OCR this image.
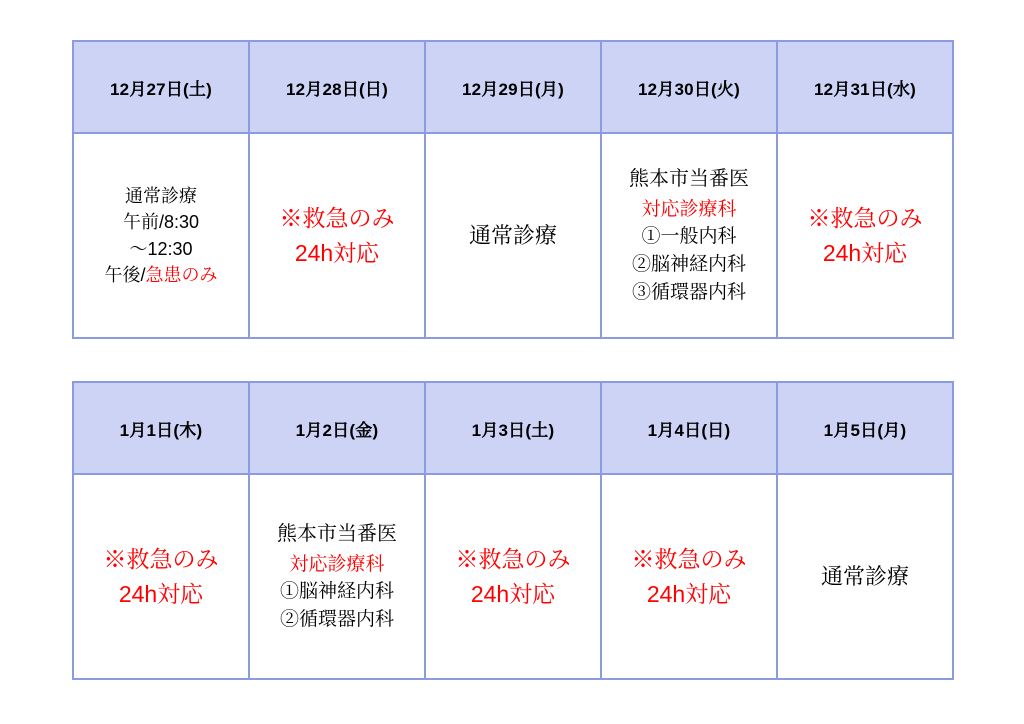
12月27日(土)	12月28日(日)	12月29日(月)	12月30日(火)	12月31日(水)

通常診療
午前/8:30
〜12:30
午後/急患のみ

※救急のみ
24h対応

通常診療

熊本市当番医
対応診療科
①一般内科
②脳神経内科
③循環器内科

※救急のみ
24h対応
1月1日(木)	1月2日(金)	1月3日(土)	1月4日(日)	1月5日(月)

※救急のみ
24h対応

熊本市当番医
対応診療科
①脳神経内科
②循環器内科

※救急のみ
24h対応

※救急のみ
24h対応

通常診療
